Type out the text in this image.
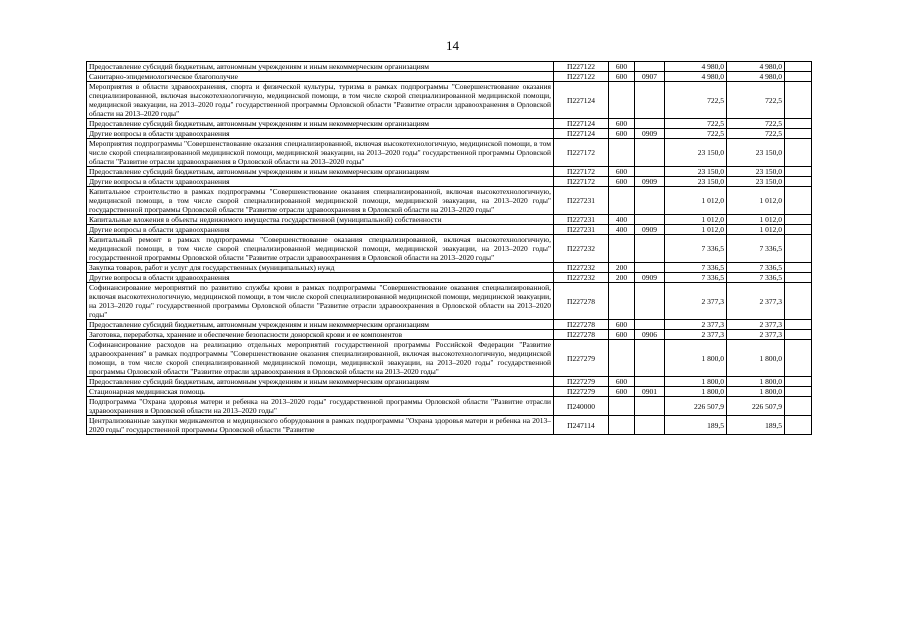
14
Предоставление субсидий бюджетным, автономным учреждениям и иным некоммерческим организациям	П227122	600		4 980,0	4 980,0	
Санитарно-эпидемиологическое благополучие	П227122	600	0907	4 980,0	4 980,0	
Мероприятия в области здравоохранения, спорта и физической культуры, туризма в рамках подпрограммы "Совершенствование оказания специализированной, включая высокотехнологичную, медицинской помощи, в том числе скорой специализированной медицинской помощи, медицинской эвакуации, на 2013–2020 годы" государственной программы Орловской области "Развитие отрасли здравоохранения в Орловской области на 2013–2020 годы"	П227124			722,5	722,5	
Предоставление субсидий бюджетным, автономным учреждениям и иным некоммерческим организациям	П227124	600		722,5	722,5	
Другие вопросы в области здравоохранения	П227124	600	0909	722,5	722,5	
Мероприятия подпрограммы "Совершенствование оказания специализированной, включая высокотехнологичную, медицинской помощи, в том числе скорой специализированной медицинской помощи, медицинской эвакуации, на 2013–2020 годы" государственной программы Орловской области "Развитие отрасли здравоохранения в Орловской области на 2013–2020 годы"	П227172			23 150,0	23 150,0	
Предоставление субсидий бюджетным, автономным учреждениям и иным некоммерческим организациям	П227172	600		23 150,0	23 150,0	
Другие вопросы в области здравоохранения	П227172	600	0909	23 150,0	23 150,0	
Капитальное строительство в рамках подпрограммы "Совершенствование оказания специализированной, включая высокотехнологичную, медицинской помощи, в том числе скорой специализированной медицинской помощи, медицинской эвакуации, на 2013–2020 годы" государственной программы Орловской области "Развитие отрасли здравоохранения в Орловской области на 2013–2020 годы"	П227231			1 012,0	1 012,0	
Капитальные вложения в объекты недвижимого имущества государственной (муниципальной) собственности	П227231	400		1 012,0	1 012,0	
Другие вопросы в области здравоохранения	П227231	400	0909	1 012,0	1 012,0	
Капитальный ремонт в рамках подпрограммы "Совершенствование оказания специализированной, включая высокотехнологичную, медицинской помощи, в том числе скорой специализированной медицинской помощи, медицинской эвакуации, на 2013–2020 годы" государственной программы Орловской области "Развитие отрасли здравоохранения в Орловской области на 2013–2020 годы"	П227232			7 336,5	7 336,5	
Закупка товаров, работ и услуг для государственных (муниципальных) нужд	П227232	200		7 336,5	7 336,5	
Другие вопросы в области здравоохранения	П227232	200	0909	7 336,5	7 336,5	
Софинансирование мероприятий по развитию службы крови в рамках подпрограммы "Совершенствование оказания специализированной, включая высокотехнологичную, медицинской помощи, в том числе скорой специализированной медицинской помощи, медицинской эвакуации, на 2013–2020 годы" государственной программы Орловской области "Развитие отрасли здравоохранения в Орловской области на 2013–2020 годы"	П227278			2 377,3	2 377,3	
Предоставление субсидий бюджетным, автономным учреждениям и иным некоммерческим организациям	П227278	600		2 377,3	2 377,3	
Заготовка, переработка, хранение и обеспечение безопасности донорской крови и ее компонентов	П227278	600	0906	2 377,3	2 377,3	
Софинансирование расходов на реализацию отдельных мероприятий государственной программы Российской Федерации "Развитие здравоохранения" в рамках подпрограммы "Совершенствование оказания специализированной, включая высокотехнологичную, медицинской помощи, в том числе скорой специализированной медицинской помощи, медицинской эвакуации, на 2013–2020 годы" государственной программы Орловской области "Развитие отрасли здравоохранения в Орловской области на 2013–2020 годы"	П227279			1 800,0	1 800,0	
Предоставление субсидий бюджетным, автономным учреждениям и иным некоммерческим организациям	П227279	600		1 800,0	1 800,0	
Стационарная медицинская помощь	П227279	600	0901	1 800,0	1 800,0	
Подпрограмма "Охрана здоровья матери и ребенка на 2013–2020 годы" государственной программы Орловской области "Развитие отрасли здравоохранения в Орловской области на 2013–2020 годы"	П240000			226 507,9	226 507,9	
Централизованные закупки медикаментов и медицинского оборудования в рамках подпрограммы "Охрана здоровья матери и ребенка на 2013–2020 годы" государственной программы Орловской области "Развитие	П247114			189,5	189,5	
